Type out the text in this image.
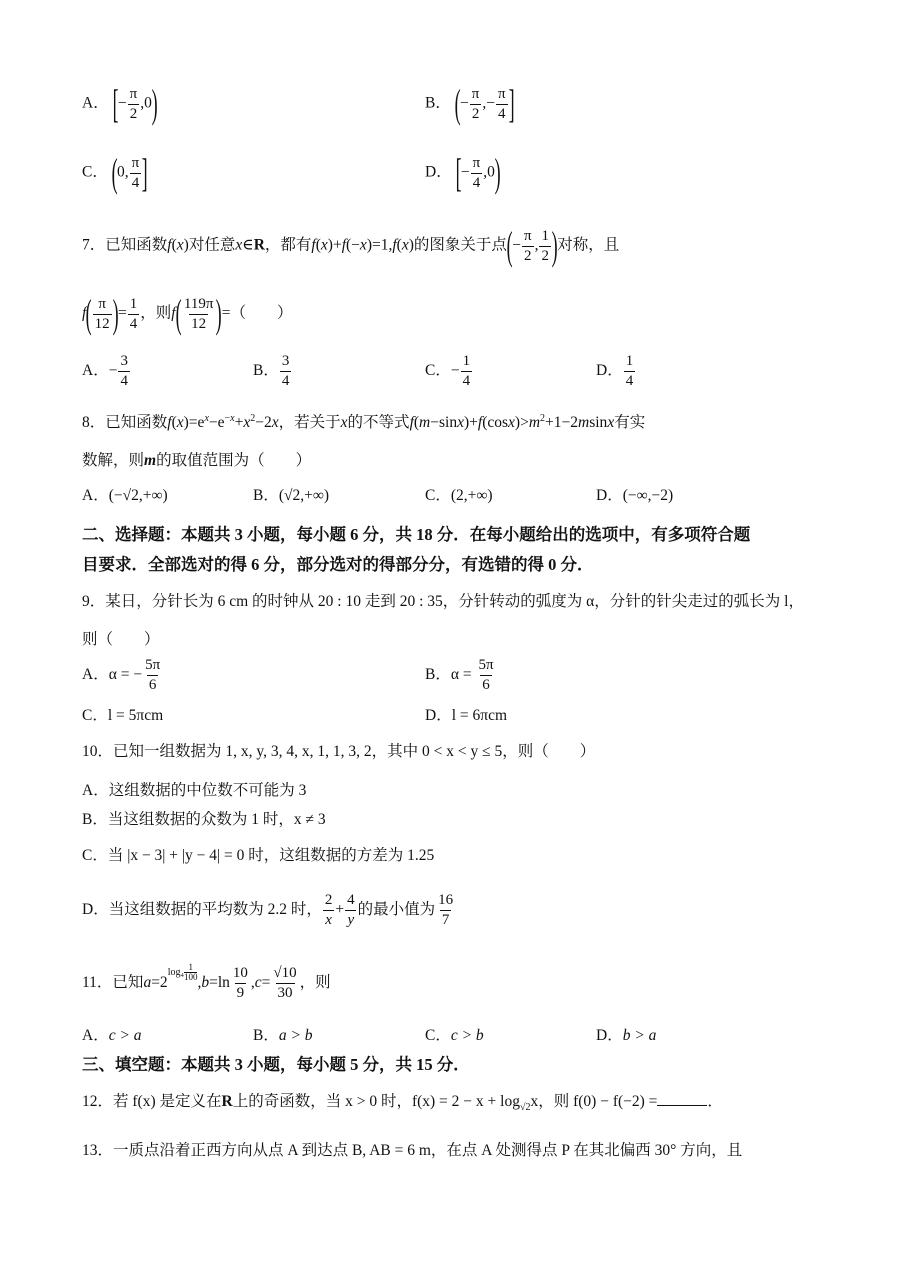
A． [− $\frac{\pi}{2} ,0$)	B． (− $\frac{\pi}{2}$ ,− $\frac{\pi}{4}$ ]
C． (0, $\frac{\pi}{4}$ ]	D． [− $\frac{\pi}{4} ,0$)
7．已知函数f(x)对任意x∈R，都有f(x)+f(−x)=1,f(x)的图象关于点(− $\frac{\pi}{2}$ , $\frac{1}{2}$ )对称，且
$f( \frac{\pi}{12}$ )= $\frac{1}{4}$ ，则$f( \frac{119\pi}{12}$ )=（　　）
A．− $\frac{3}{4}$	B． $\frac{3}{4}$	C．− $\frac{1}{4}$	D． $\frac{1}{4}$
8．已知函数$f(x)=e^x-e^{-x}+x^2-2x$，若关于x的不等式$f(m-\sin x)+f(\cos x)>m^2+1-2msinx$有实
数解，则m的取值范围为（　　）
A．(−√2,+∞)	B．(√2,+∞)	C．(2,+∞)	D．(−∞,−2)
二、选择题：本题共 3 小题，每小题 6 分，共 18 分．在每小题给出的选项中，有多项符合题
目要求．全部选对的得 6 分，部分选对的得部分分，有选错的得 0 分．
9．某日，分针长为 6 cm 的时钟从 20 : 10 走到 20 : 35，分针转动的弧度为 α，分针的针尖走过的弧长为 l，
则（　　）
A．α = − $\frac{5\pi}{6}$	B．$\alpha = \frac{5\pi}{6}$
C．l = 5πcm	D．l = 6πcm
10．已知一组数据为 1, x, y, 3, 4, x, 1, 1, 3, 2，其中 0 < x < y ≤ 5，则（　　）
A．这组数据的中位数不可能为 3
B．当这组数据的众数为 1 时，x ≠ 3
C．当 |x − 3| + |y − 4| = 0 时，这组数据的方差为 1.25
D．当这组数据的平均数为 2.2 时， $\frac{2}{x} + \frac{4}{y}$ 的最小值为 $\frac{16}{7}$
11．已知$a=2\log_4 \frac{1}{100}$
$,b=\ln \frac{10}{9} ,c= \frac{√10}{30}$ ，则
A．c > a	B．a > b	C．c > b	D．b > a
三、填空题：本题共 3 小题，每小题 5 分，共 15 分．
12．若 f(x) 是定义在R上的奇函数，当 x > 0 时，$f(x) = 2 - x + \log_{√2}x$，则 f(0) − f(−2) =	．
13．一质点沿着正西方向从点 A 到达点 B, AB = 6 m，在点 A 处测得点 P 在其北偏西 30° 方向，且
